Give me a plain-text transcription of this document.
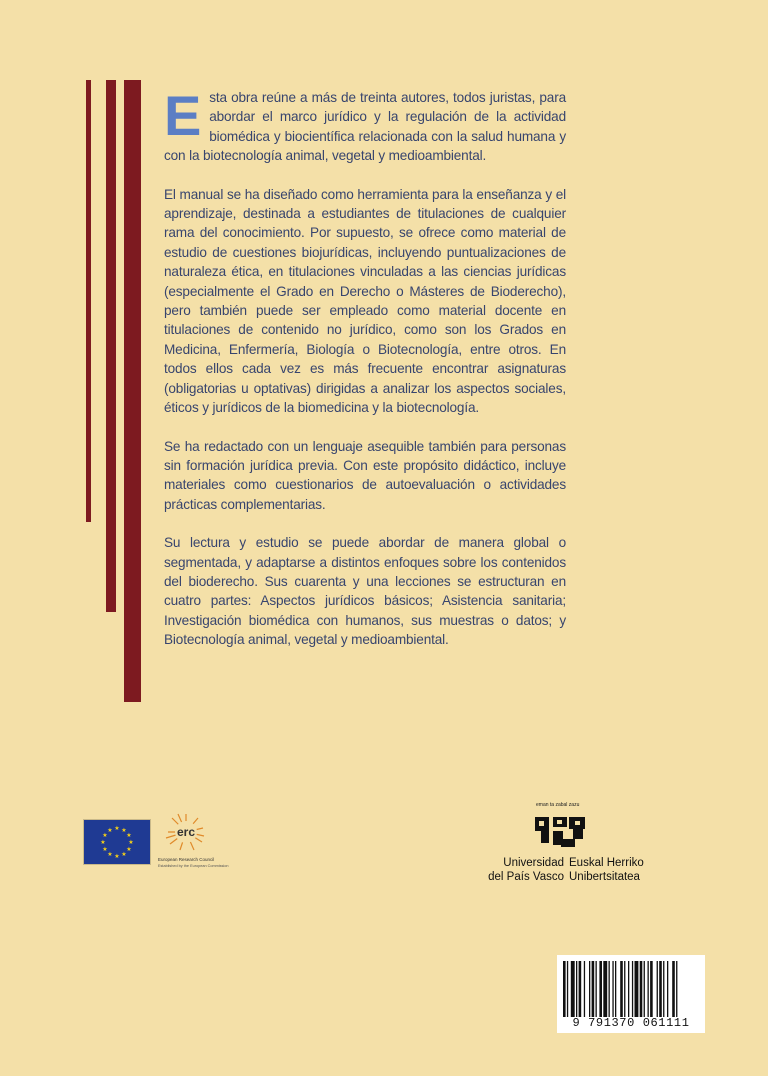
Esta obra reúne a más de treinta autores, todos juristas, para abordar el marco jurídico y la regulación de la actividad biomédica y biocientífica relacionada con la salud humana y con la biotecnología animal, vegetal y medioambiental.

El manual se ha diseñado como herramienta para la enseñanza y el aprendizaje, destinada a estudiantes de titulaciones de cualquier rama del conocimiento. Por supuesto, se ofrece como material de estudio de cuestiones biojurídicas, incluyendo puntualizaciones de naturaleza ética, en titulaciones vinculadas a las ciencias jurídicas (especialmente el Grado en Derecho o Másteres de Bioderecho), pero también puede ser empleado como material docente en titulaciones de contenido no jurídico, como son los Grados en Medicina, Enfermería, Biología o Biotecnología, entre otros. En todos ellos cada vez es más frecuente encontrar asignaturas (obligatorias u optativas) dirigidas a analizar los aspectos sociales, éticos y jurídicos de la biomedicina y la biotecnología.

Se ha redactado con un lenguaje asequible también para personas sin formación jurídica previa. Con este propósito didáctico, incluye materiales como cuestionarios de autoevaluación o actividades prácticas complementarias.

Su lectura y estudio se puede abordar de manera global o segmentada, y adaptarse a distintos enfoques sobre los contenidos del bioderecho. Sus cuarenta y una lecciones se estructuran en cuatro partes: Aspectos jurídicos básicos; Asistencia sanitaria; Investigación biomédica con humanos, sus muestras o datos; y Biotecnología animal, vegetal y medioambiental.

★ ★
★
★
★
★
★
★
★
★
★
★	erc
European Research Council
Established by the European Commission
eman ta zabal zazu
Universidad
del País Vasco
Euskal Herriko
Unibertsitatea
9 791370 061111
